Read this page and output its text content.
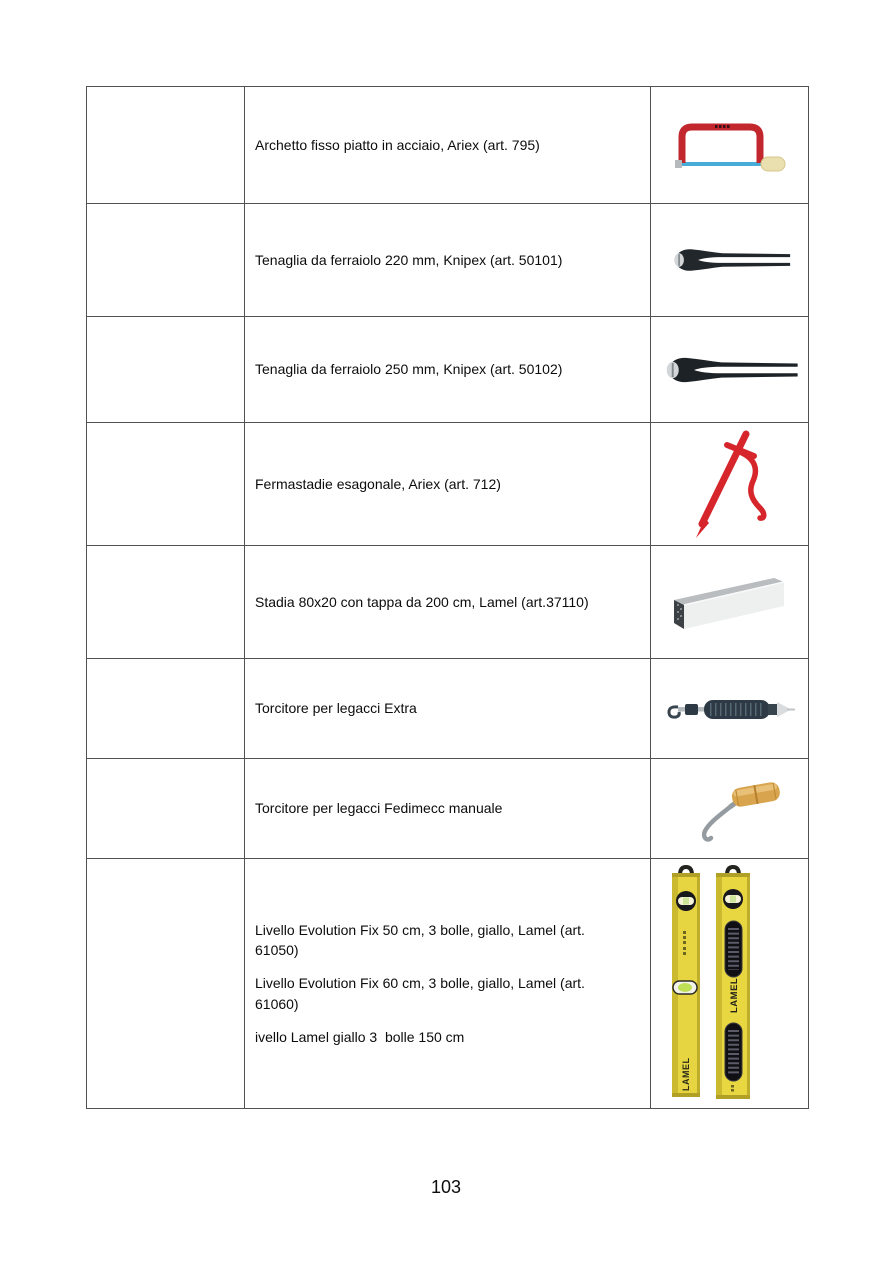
Archetto fisso piatto in acciaio, Ariex (art. 795)
Tenaglia da ferraiolo 220 mm, Knipex (art. 50101)
Tenaglia da ferraiolo 250 mm, Knipex (art. 50102)
Fermastadie esagonale, Ariex (art. 712)
Stadia 80x20 con tappa da 200 cm, Lamel (art.37110)
Torcitore per legacci Extra
Torcitore per legacci Fedimecc manuale

Livello Evolution Fix 50 cm, 3 bolle, giallo, Lamel (art. 61050)

Livello Evolution Fix 60 cm, 3 bolle, giallo, Lamel (art. 61060)

ivello Lamel giallo 3  bolle 150 cm

LAMEL
LAMEL
103
